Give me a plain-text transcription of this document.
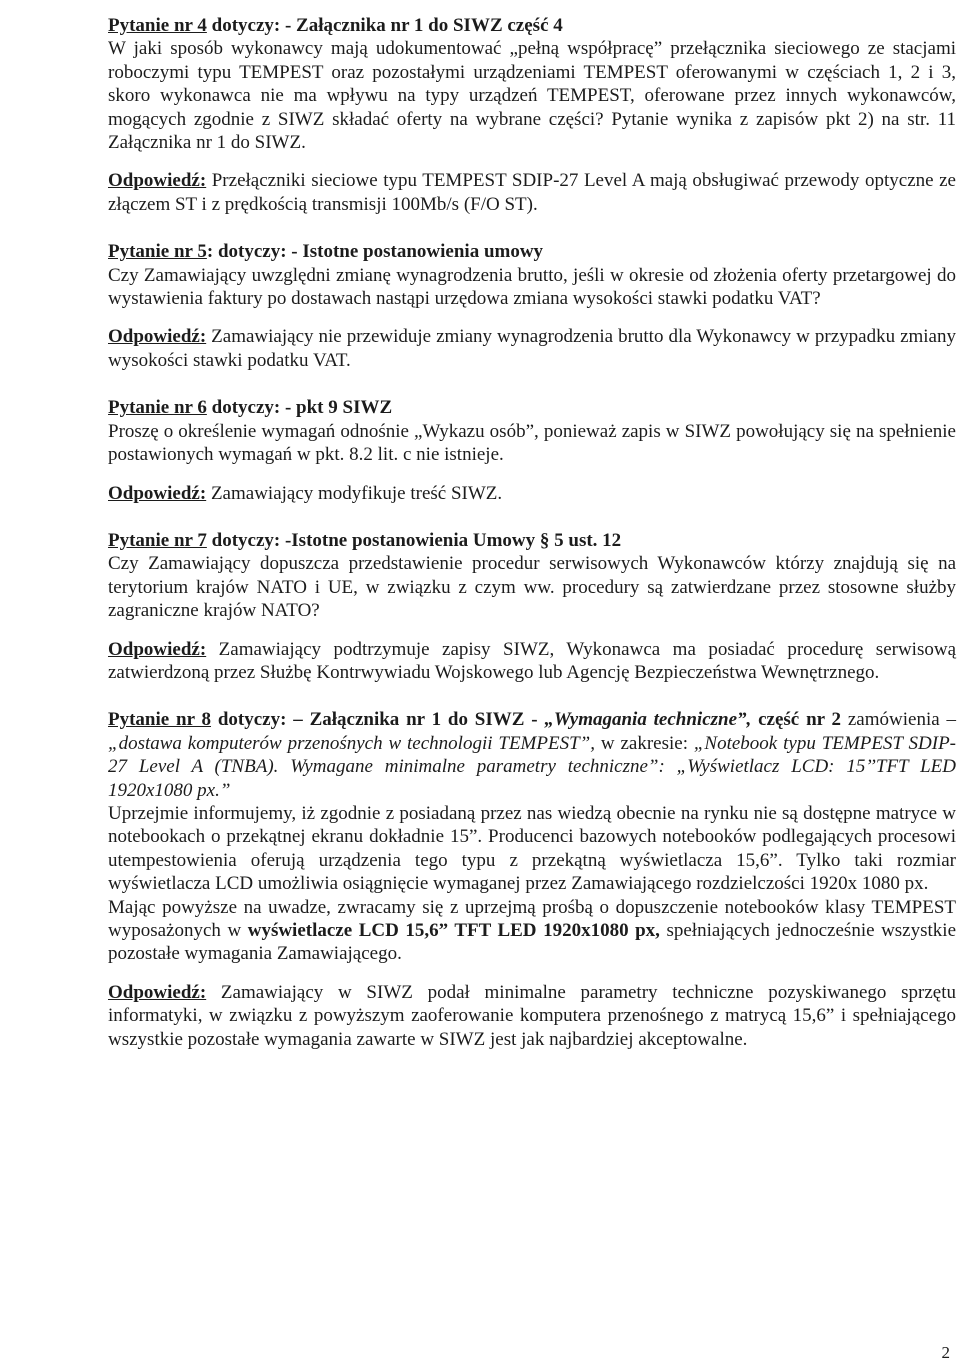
Pytanie nr 4 dotyczy: - Załącznika nr 1 do SIWZ część 4
W jaki sposób wykonawcy mają udokumentować „pełną współpracę” przełącznika sieciowego ze stacjami roboczymi typu TEMPEST oraz pozostałymi urządzeniami TEMPEST oferowanymi w częściach 1, 2 i 3, skoro wykonawca nie ma wpływu na typy urządzeń TEMPEST, oferowane przez innych wykonawców, mogących zgodnie z SIWZ składać oferty na wybrane części? Pytanie wynika z zapisów pkt 2) na str. 11 Załącznika nr 1 do SIWZ.

Odpowiedź: Przełączniki sieciowe typu TEMPEST SDIP-27 Level A mają obsługiwać przewody optyczne ze złączem ST i z prędkością transmisji 100Mb/s (F/O ST).

Pytanie nr 5: dotyczy: - Istotne postanowienia umowy
Czy Zamawiający uwzględni zmianę wynagrodzenia brutto, jeśli w okresie od złożenia oferty przetargowej do wystawienia faktury po dostawach nastąpi urzędowa zmiana wysokości stawki podatku VAT?

Odpowiedź: Zamawiający nie przewiduje zmiany wynagrodzenia brutto dla Wykonawcy w przypadku zmiany wysokości stawki podatku VAT.

Pytanie nr 6 dotyczy: - pkt 9 SIWZ
Proszę o określenie wymagań odnośnie „Wykazu osób”, ponieważ zapis w SIWZ powołujący się na spełnienie postawionych wymagań w pkt. 8.2 lit. c nie istnieje.

Odpowiedź: Zamawiający modyfikuje treść SIWZ.

Pytanie nr 7 dotyczy: -Istotne postanowienia Umowy § 5 ust. 12
Czy Zamawiający dopuszcza przedstawienie procedur serwisowych Wykonawców którzy znajdują się na terytorium krajów NATO i UE, w związku z czym ww. procedury są zatwierdzane przez stosowne służby zagraniczne krajów NATO?

Odpowiedź: Zamawiający podtrzymuje zapisy SIWZ, Wykonawca ma posiadać procedurę serwisową zatwierdzoną przez Służbę Kontrwywiadu Wojskowego lub Agencję Bezpieczeństwa Wewnętrznego.

Pytanie nr 8 dotyczy: – Załącznika nr 1 do SIWZ - „Wymagania techniczne”, część nr 2 zamówienia – „dostawa komputerów przenośnych w technologii TEMPEST”, w zakresie: „Notebook typu TEMPEST SDIP-27 Level A (TNBA). Wymagane minimalne parametry techniczne”: „Wyświetlacz LCD: 15’’TFT LED 1920x1080 px.”

Uprzejmie informujemy, iż zgodnie z posiadaną przez nas wiedzą obecnie na rynku nie są dostępne matryce w notebookach o przekątnej ekranu dokładnie 15”. Producenci bazowych notebooków podlegających procesowi utempestowienia oferują urządzenia tego typu z przekątną wyświetlacza 15,6”. Tylko taki rozmiar wyświetlacza LCD umożliwia osiągnięcie wymaganej przez Zamawiającego rozdzielczości 1920x 1080 px.

Mając powyższe na uwadze, zwracamy się z uprzejmą prośbą o dopuszczenie notebooków klasy TEMPEST wyposażonych w wyświetlacze LCD 15,6” TFT LED 1920x1080 px, spełniających jednocześnie wszystkie pozostałe wymagania Zamawiającego.

Odpowiedź: Zamawiający w SIWZ podał minimalne parametry techniczne pozyskiwanego sprzętu informatyki, w związku z powyższym zaoferowanie komputera przenośnego z matrycą 15,6” i spełniającego wszystkie pozostałe wymagania zawarte w SIWZ jest jak najbardziej akceptowalne.

2
